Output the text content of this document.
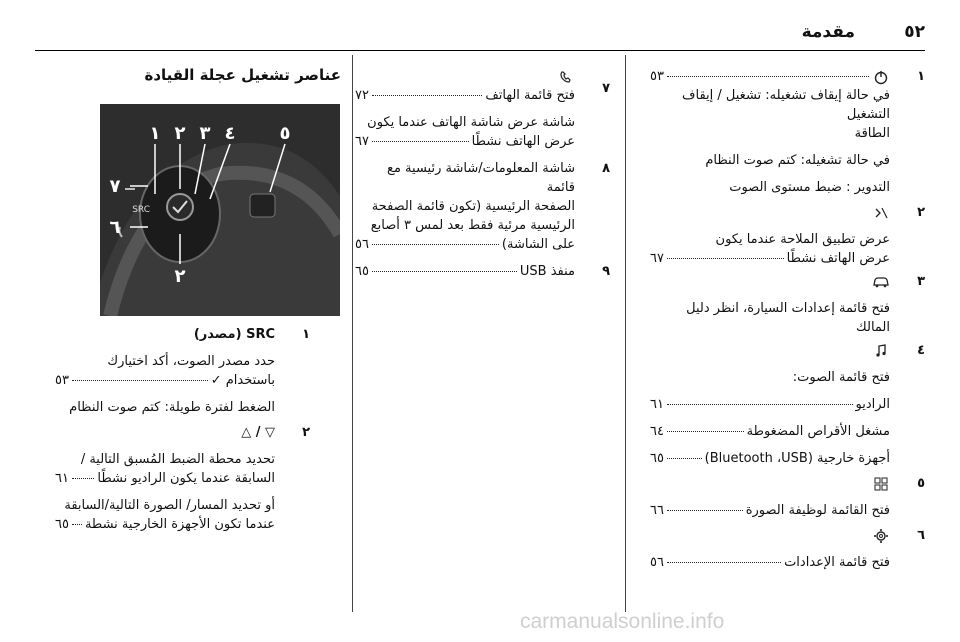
٥٢
مقدمة
١
٥٣

في حالة إيقاف تشغيله: تشغيل / إيقاف التشغيل

الطاقة

في حالة تشغيله: كتم صوت النظام

التدوير : ضبط مستوى الصوت

٢

عرض تطبيق الملاحة عندما يكون

عرض الهاتف نشطًا
٦٧
٣

فتح قائمة إعدادات السيارة، انظر دليل المالك

٤

فتح قائمة الصوت:

الراديو
٦١
مشغل الأقراص المضغوطة
٦٤
أجهزة خارجية (Bluetooth ،USB)
٦٥
٥
فتح القائمة لوظيفة الصورة
٦٦
٦
فتح قائمة الإعدادات
٥٦
٧
فتح قائمة الهاتف
٧٢

شاشة عرض شاشة الهاتف عندما يكون

عرض الهاتف نشطًا
٦٧
٨

شاشة المعلومات/شاشة رئيسية مع قائمة

الصفحة الرئيسية (تكون قائمة الصفحة

الرئيسية مرئية فقط بعد لمس ٣ أصابع

على الشاشة)
٥٦
٩
منفذ USB
٦٥
عناصر تشغيل عجلة القيادة
١ ٢ ٣ ٤ ٥
٦
٧
٢
SRC
١

SRC (مصدر)

حدد مصدر الصوت، أكد اختيارك

باستخدام ✓
٥٣

الضغط لفترة طويلة: كتم صوت النظام

٢

▽ / △

تحديد محطة الضبط المُسبق التالية /

السابقة عندما يكون الراديو نشطًا
٦١

أو تحديد المسار/ الصورة التالية/السابقة

عندما تكون الأجهزة الخارجية نشطة
٦٥
carmanualsonline.info
